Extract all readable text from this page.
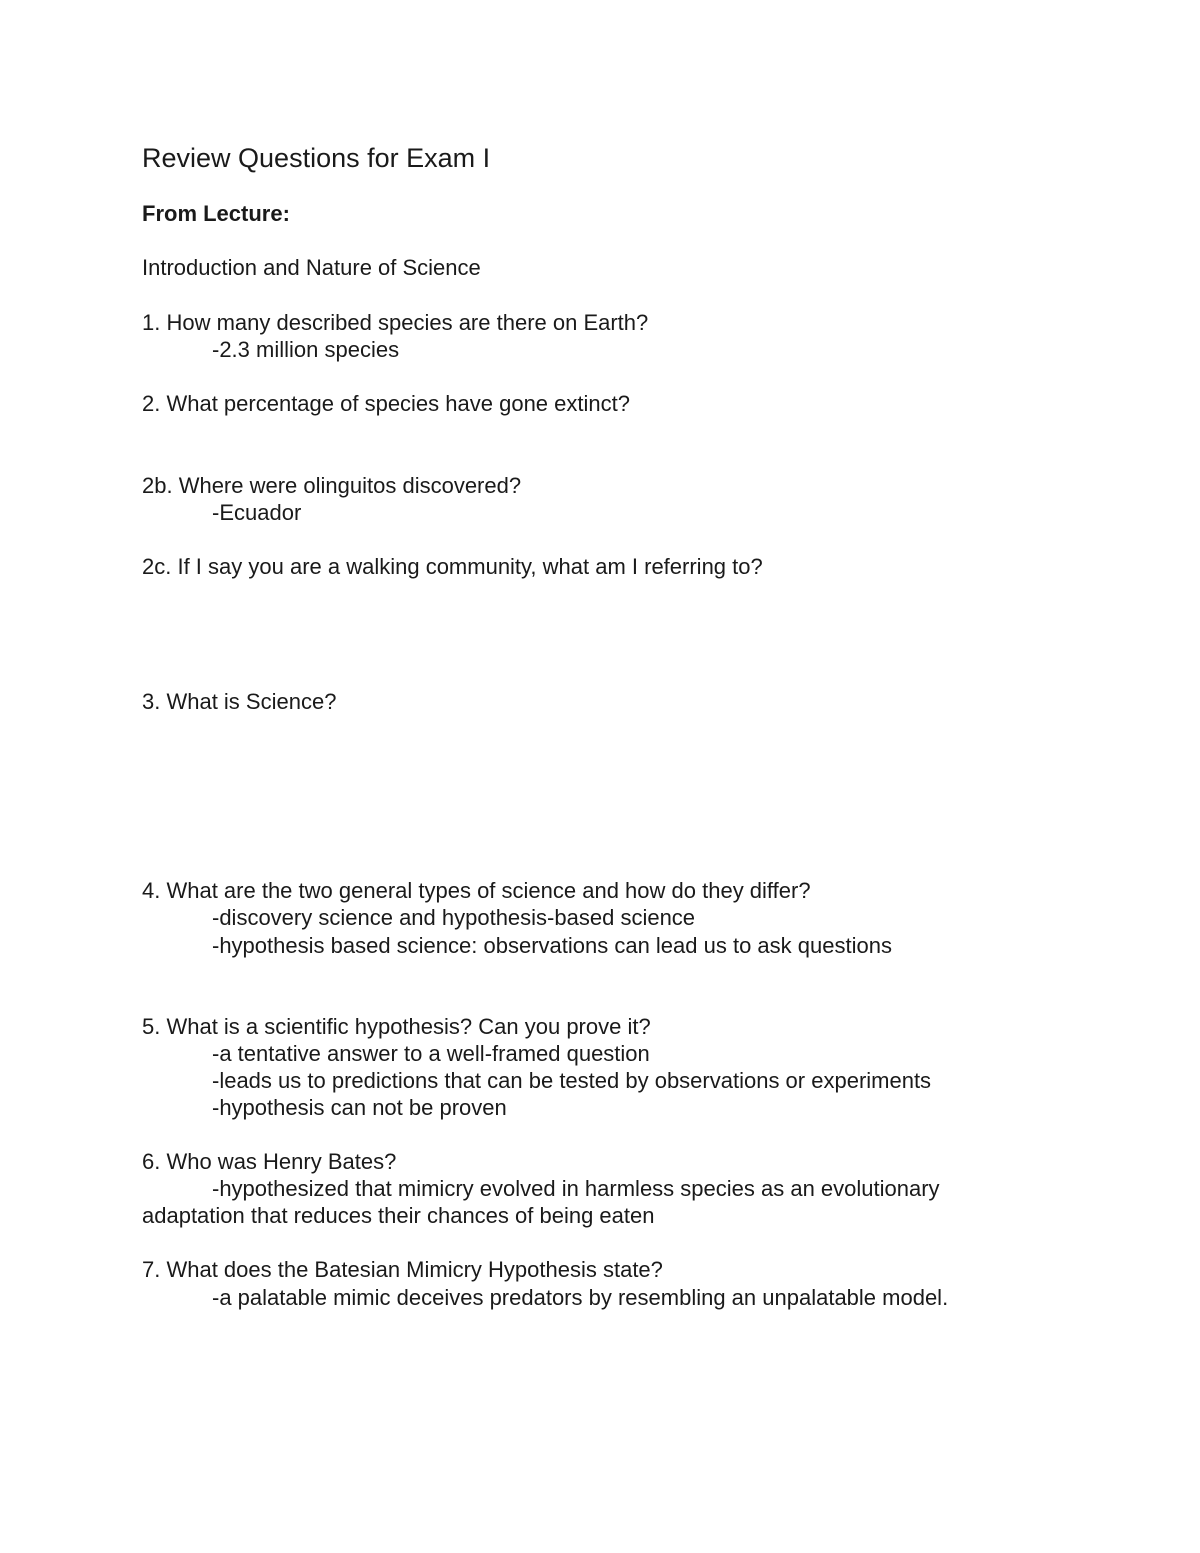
Review Questions for Exam I
From Lecture:
Introduction and Nature of Science
1. How many described species are there on Earth?
-2.3 million species
2. What percentage of species have gone extinct?
2b. Where were olinguitos discovered?
-Ecuador
2c. If I say you are a walking community, what am I referring to?
3. What is Science?
4. What are the two general types of science and how do they differ?
-discovery science and hypothesis-based science
-hypothesis based science: observations can lead us to ask questions
5. What is a scientific hypothesis? Can you prove it?
-a tentative answer to a well-framed question
-leads us to predictions that can be tested by observations or experiments
-hypothesis can not be proven
6. Who was Henry Bates?
-hypothesized that mimicry evolved in harmless species as an evolutionary
adaptation that reduces their chances of being eaten
7. What does the Batesian Mimicry Hypothesis state?
-a palatable mimic deceives predators by resembling an unpalatable model.
